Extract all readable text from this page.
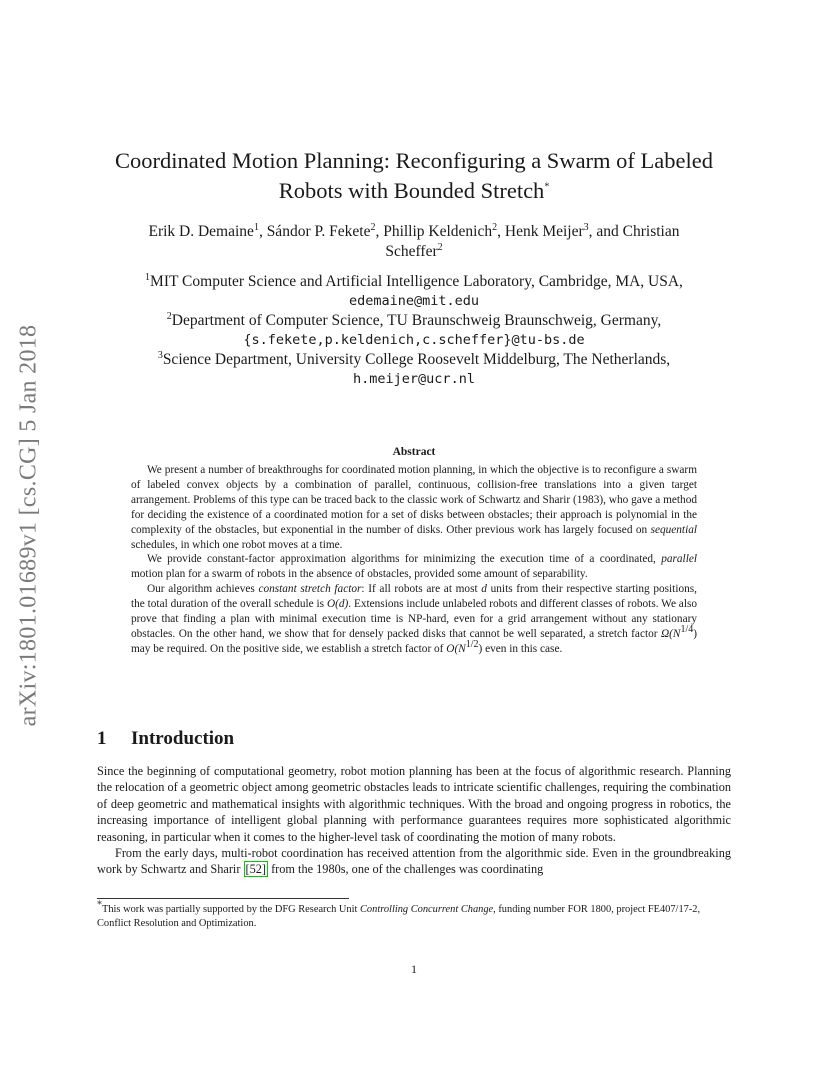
arXiv:1801.01689v1 [cs.CG] 5 Jan 2018
Coordinated Motion Planning: Reconfiguring a Swarm of Labeled
Robots with Bounded Stretch*
Erik D. Demaine$^1$, Sándor P. Fekete$^2$, Phillip Keldenich$^2$, Henk Meijer$^3$, and Christian
Scheffer$^2$
$^1$MIT Computer Science and Artificial Intelligence Laboratory, Cambridge, MA, USA,
edemaine@mit.edu
$^2$Department of Computer Science, TU Braunschweig Braunschweig, Germany,
{s.fekete,p.keldenich,c.scheffer}@tu-bs.de
$^3$Science Department, University College Roosevelt Middelburg, The Netherlands,
h.meijer@ucr.nl
Abstract

We present a number of breakthroughs for coordinated motion planning, in which the objective is to reconfigure a swarm of labeled convex objects by a combination of parallel, continuous, collision-free translations into a given target arrangement. Problems of this type can be traced back to the classic work of Schwartz and Sharir (1983), who gave a method for deciding the existence of a coordinated motion for a set of disks between obstacles; their approach is polynomial in the complexity of the obstacles, but exponential in the number of disks. Other previous work has largely focused on sequential schedules, in which one robot moves at a time.

We provide constant-factor approximation algorithms for minimizing the execution time of a coordinated, parallel motion plan for a swarm of robots in the absence of obstacles, provided some amount of separability.

Our algorithm achieves constant stretch factor: If all robots are at most d units from their respective starting positions, the total duration of the overall schedule is O(d). Extensions include unlabeled robots and different classes of robots. We also prove that finding a plan with minimal execution time is NP-hard, even for a grid arrangement without any stationary obstacles. On the other hand, we show that for densely packed disks that cannot be well separated, a stretch factor $\Omega(N^{1/4})$ may be required. On the positive side, we establish a stretch factor of $O(N^{1/2})$ even in this case.

1 Introduction

Since the beginning of computational geometry, robot motion planning has been at the focus of algorithmic research. Planning the relocation of a geometric object among geometric obstacles leads to intricate scientific challenges, requiring the combination of deep geometric and mathematical insights with algorithmic techniques. With the broad and ongoing progress in robotics, the increasing importance of intelligent global planning with performance guarantees requires more sophisticated algorithmic reasoning, in particular when it comes to the higher-level task of coordinating the motion of many robots.

From the early days, multi-robot coordination has received attention from the algorithmic side. Even in the groundbreaking work by Schwartz and Sharir [52] from the 1980s, one of the challenges was coordinating

*This work was partially supported by the DFG Research Unit Controlling Concurrent Change, funding number FOR 1800, project FE407/17-2, Conflict Resolution and Optimization.
1
